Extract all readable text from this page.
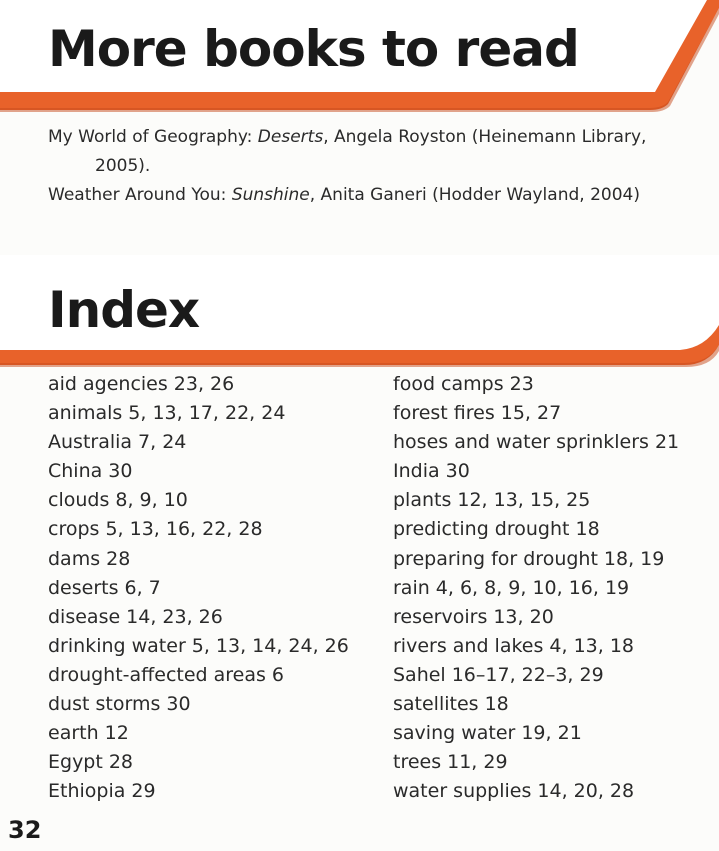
More books to read

My World of Geography: Deserts, Angela Royston (Heinemann Library, 2005).

Weather Around You: Sunshine, Anita Ganeri (Hodder Wayland, 2004)

Index
aid agencies 23, 26
animals 5, 13, 17, 22, 24
Australia 7, 24
China 30
clouds 8, 9, 10
crops 5, 13, 16, 22, 28
dams 28
deserts 6, 7
disease 14, 23, 26
drinking water 5, 13, 14, 24, 26
drought-affected areas 6
dust storms 30
earth 12
Egypt 28
Ethiopia 29
food camps 23
forest fires 15, 27
hoses and water sprinklers 21
India 30
plants 12, 13, 15, 25
predicting drought 18
preparing for drought 18, 19
rain 4, 6, 8, 9, 10, 16, 19
reservoirs 13, 20
rivers and lakes 4, 13, 18
Sahel 16–17, 22–3, 29
satellites 18
saving water 19, 21
trees 11, 29
water supplies 14, 20, 28

32
